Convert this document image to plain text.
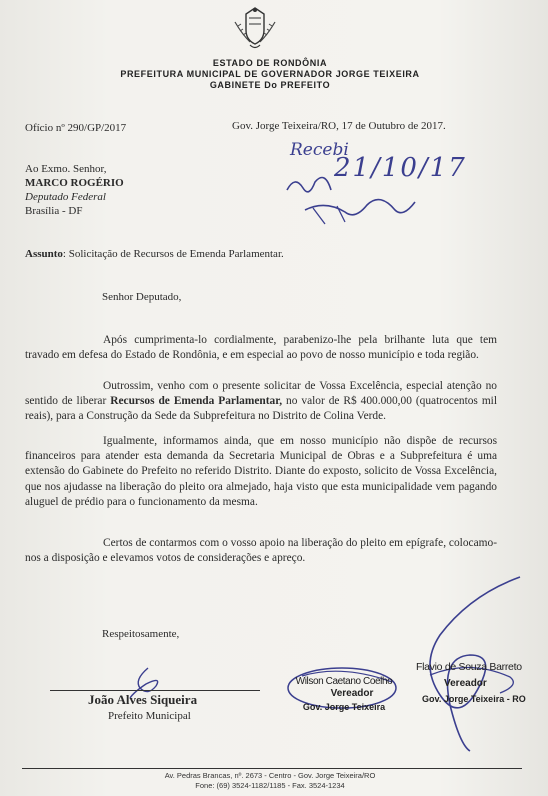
ESTADO DE RONDÔNIA
PREFEITURA MUNICIPAL DE GOVERNADOR JORGE TEIXEIRA
GABINETE Do PREFEITO
Ofício nº 290/GP/2017	Gov. Jorge Teixeira/RO, 17 de Outubro de 2017.
Recebi
21/10/17
Ao Exmo. Senhor,
MARCO ROGÉRIO
Deputado Federal
Brasília - DF
Assunto: Solicitação de Recursos de Emenda Parlamentar.
Senhor Deputado,
Após cumprimenta-lo cordialmente, parabenizo-lhe pela brilhante luta que tem travado em defesa do Estado de Rondônia, e em especial ao povo de nosso município e toda região.
Outrossim, venho com o presente solicitar de Vossa Excelência, especial atenção no sentido de liberar Recursos de Emenda Parlamentar, no valor de R$ 400.000,00 (quatrocentos mil reais), para a Construção da Sede da Subprefeitura no Distrito de Colina Verde.
Igualmente, informamos ainda, que em nosso município não dispõe de recursos financeiros para atender esta demanda da Secretaria Municipal de Obras e a Subprefeitura é uma extensão do Gabinete do Prefeito no referido Distrito. Diante do exposto, solicito de Vossa Excelência, que nos ajudasse na liberação do pleito ora almejado, haja visto que esta municipalidade vem pagando aluguel de prédio para o funcionamento da mesma.
Certos de contarmos com o vosso apoio na liberação do pleito em epígrafe, colocamo-nos a disposição e elevamos votos de considerações e apreço.
Respeitosamente,
João Alves Siqueira
Prefeito Municipal
Wilson Caetano Coelho
Vereador
Gov. Jorge Teixeira
Flavio de Souza Barreto
Vereador
Gov. Jorge Teixeira - RO
Av. Pedras Brancas, nº. 2673 - Centro - Gov. Jorge Teixeira/RO
Fone: (69) 3524-1182/1185 - Fax. 3524-1234
